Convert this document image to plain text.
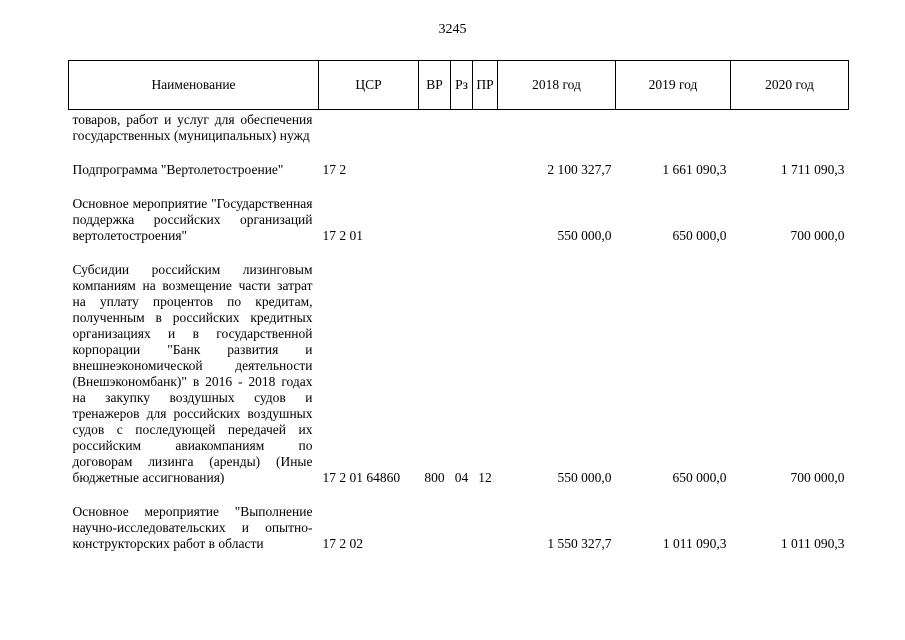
3245
Наименование	ЦСР	ВР	Рз	ПР	2018 год	2019 год	2020 год
товаров, работ и услуг для обеспечения государственных (муниципальных) нужд							
Подпрограмма "Вертолетостроение"	17 2				2 100 327,7	1 661 090,3	1 711 090,3
Основное мероприятие "Государственная поддержка российских организаций вертолетостроения"	17 2 01				550 000,0	650 000,0	700 000,0
Субсидии российским лизинговым компаниям на возмещение части затрат на уплату процентов по кредитам, полученным в российских кредитных организациях и в государственной корпорации "Банк развития и внешнеэкономической деятельности (Внешэкономбанк)" в 2016 - 2018 годах на закупку воздушных судов и тренажеров для российских воздушных судов с последующей передачей их российским авиакомпаниям по договорам лизинга (аренды) (Иные бюджетные ассигнования)	17 2 01 64860	800	04	12	550 000,0	650 000,0	700 000,0
Основное мероприятие "Выполнение научно-исследовательских и опытно-конструкторских работ в области	17 2 02				1 550 327,7	1 011 090,3	1 011 090,3
